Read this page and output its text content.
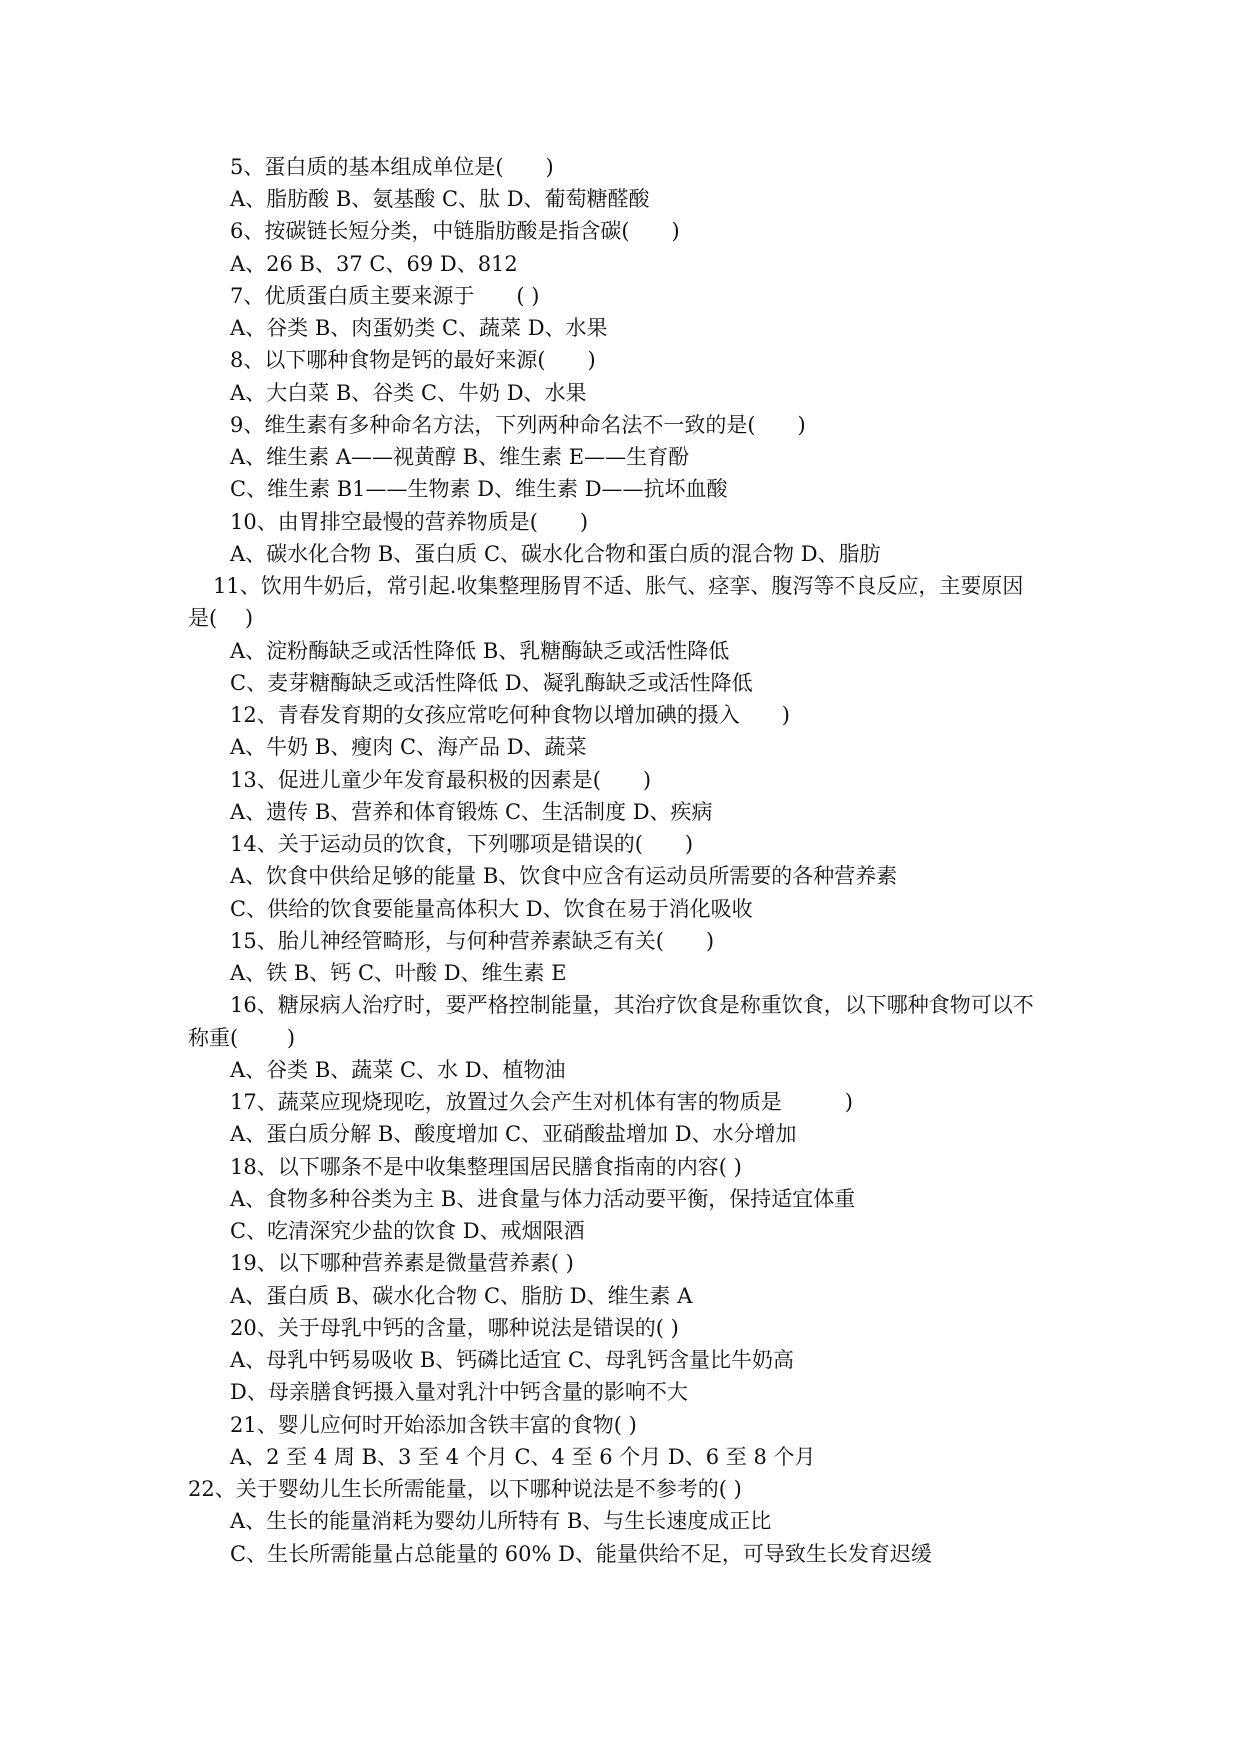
5、蛋白质的基本组成单位是(　　)
A、脂肪酸 B、氨基酸 C、肽 D、葡萄糖醛酸
6、按碳链长短分类，中链脂肪酸是指含碳(　　)
A、26 B、37 C、69 D、812
7、优质蛋白质主要来源于　　( )
A、谷类 B、肉蛋奶类 C、蔬菜 D、水果
8、以下哪种食物是钙的最好来源(　　)
A、大白菜 B、谷类 C、牛奶 D、水果
9、维生素有多种命名方法，下列两种命名法不一致的是(　　)
A、维生素 A——视黄醇 B、维生素 E——生育酚
C、维生素 B1——生物素 D、维生素 D——抗坏血酸
10、由胃排空最慢的营养物质是(　　)
A、碳水化合物 B、蛋白质 C、碳水化合物和蛋白质的混合物 D、脂肪
11、饮用牛奶后，常引起.收集整理肠胃不适、胀气、痉挛、腹泻等不良反应，主要原因
是(　 )
A、淀粉酶缺乏或活性降低 B、乳糖酶缺乏或活性降低
C、麦芽糖酶缺乏或活性降低 D、凝乳酶缺乏或活性降低
12、青春发育期的女孩应常吃何种食物以增加碘的摄入　　)
A、牛奶 B、瘦肉 C、海产品 D、蔬菜
13、促进儿童少年发育最积极的因素是(　　)
A、遗传 B、营养和体育锻炼 C、生活制度 D、疾病
14、关于运动员的饮食，下列哪项是错误的(　　)
A、饮食中供给足够的能量 B、饮食中应含有运动员所需要的各种营养素
C、供给的饮食要能量高体积大 D、饮食在易于消化吸收
15、胎儿神经管畸形，与何种营养素缺乏有关(　　)
A、铁 B、钙 C、叶酸 D、维生素 E
16、糖尿病人治疗时，要严格控制能量，其治疗饮食是称重饮食，以下哪种食物可以不
称重(　　 )
A、谷类 B、蔬菜 C、水 D、植物油
17、蔬菜应现烧现吃，放置过久会产生对机体有害的物质是　　　)
A、蛋白质分解 B、酸度增加 C、亚硝酸盐增加 D、水分增加
18、以下哪条不是中收集整理国居民膳食指南的内容( )
A、食物多种谷类为主 B、进食量与体力活动要平衡，保持适宜体重
C、吃清深究少盐的饮食 D、戒烟限酒
19、以下哪种营养素是微量营养素( )
A、蛋白质 B、碳水化合物 C、脂肪 D、维生素 A
20、关于母乳中钙的含量，哪种说法是错误的( )
A、母乳中钙易吸收 B、钙磷比适宜 C、母乳钙含量比牛奶高
D、母亲膳食钙摄入量对乳汁中钙含量的影响不大
21、婴儿应何时开始添加含铁丰富的食物( )
A、2 至 4 周 B、3 至 4 个月 C、4 至 6 个月 D、6 至 8 个月
22、关于婴幼儿生长所需能量，以下哪种说法是不参考的( )
A、生长的能量消耗为婴幼儿所特有 B、与生长速度成正比
C、生长所需能量占总能量的 60% D、能量供给不足，可导致生长发育迟缓
